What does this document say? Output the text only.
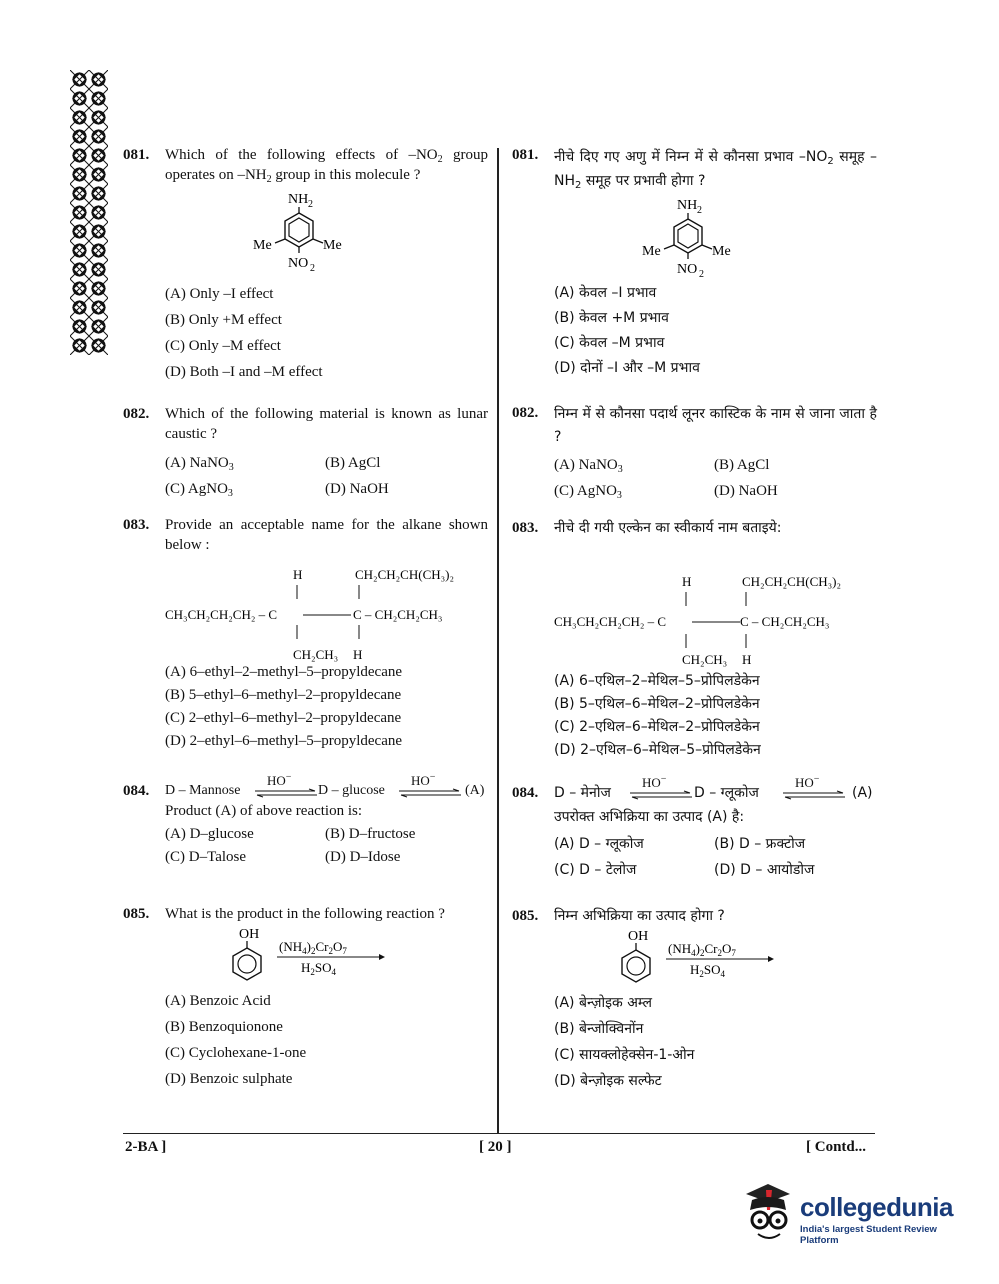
081. Which of the following effects of $-NO_2$ group operates on $-NH_2$ group in this molecule ?
NH 2
Me	Me
NO 2
(A) Only –I effect
(B) Only +M effect
(C) Only –M effect
(D) Both –I and –M effect
082. Which of the following material is known as lunar caustic ?
(A) NaNO$_3$	(B) AgCl
(C) AgNO$_3$	(D) NaOH
083. Provide an acceptable name for the alkane shown below :
H	CH₂CH₂CH(CH₃)₂
CH₃CH₂CH₂CH₂ – C	C – CH₂CH₂CH₃
CH₂CH₃ H
(A) 6–ethyl–2–methyl–5–propyldecane
(B) 5–ethyl–6–methyl–2–propyldecane
(C) 2–ethyl–6–methyl–2–propyldecane
(D) 2–ethyl–6–methyl–5–propyldecane
084. D – Mannose
HO−
D – glucose
HO−
(A)
Product (A) of above reaction is:
(A) D–glucose	(B) D–fructose
(C) D–Talose	(D) D–Idose
085. What is the product in the following reaction ?
OH
$(NH_4)_2Cr_2O_7$
$H_2SO_4$
(A) Benzoic Acid
(B) Benzoquionone
(C) Cyclohexane-1-one
(D) Benzoic sulphate
081. नीचे दिए गए अणु में निम्न में से कौनसा प्रभाव $-NO_2$ समूह $-NH_2$ समूह पर प्रभावी होगा ?
NH 2
Me	Me
NO 2
(A) केवल –I प्रभाव
(B) केवल +M प्रभाव
(C) केवल –M प्रभाव
(D) दोनों –I और –M प्रभाव
082. निम्न में से कौनसा पदार्थ लूनर कास्टिक के नाम से जाना जाता है ?
(A) NaNO$_3$	(B) AgCl
(C) AgNO$_3$	(D) NaOH
083. नीचे दी गयी एल्केन का स्वीकार्य नाम बताइये:
H	CH₂CH₂CH(CH₃)₂
CH₃CH₂CH₂CH₂ – C	C – CH₂CH₂CH₃
CH₂CH₃ H
(A) 6–एथिल–2–मेथिल–5–प्रोपिलडेकेन
(B) 5–एथिल–6–मेथिल–2–प्रोपिलडेकेन
(C) 2–एथिल–6–मेथिल–2–प्रोपिलडेकेन
(D) 2–एथिल–6–मेथिल–5–प्रोपिलडेकेन
084. D – मेनोज
HO−
D – ग्लूकोज
HO−
(A)
उपरोक्त अभिक्रिया का उत्पाद (A) है:
(A) D – ग्लूकोज	(B) D – फ्रक्टोज
(C) D – टेलोज	(D) D – आयोडोज
085. निम्न अभिक्रिया का उत्पाद होगा ?
OH
$(NH_4)_2Cr_2O_7$
$H_2SO_4$
(A) बेन्ज़ोइक अम्ल
(B) बेन्जोक्विनोंन
(C) सायक्लोहेक्सेन-1-ओन
(D) बेन्ज़ोइक सल्फेट
2-BA ]	[ 20 ]	[ Contd...
collegedunia
India's largest Student Review Platform
